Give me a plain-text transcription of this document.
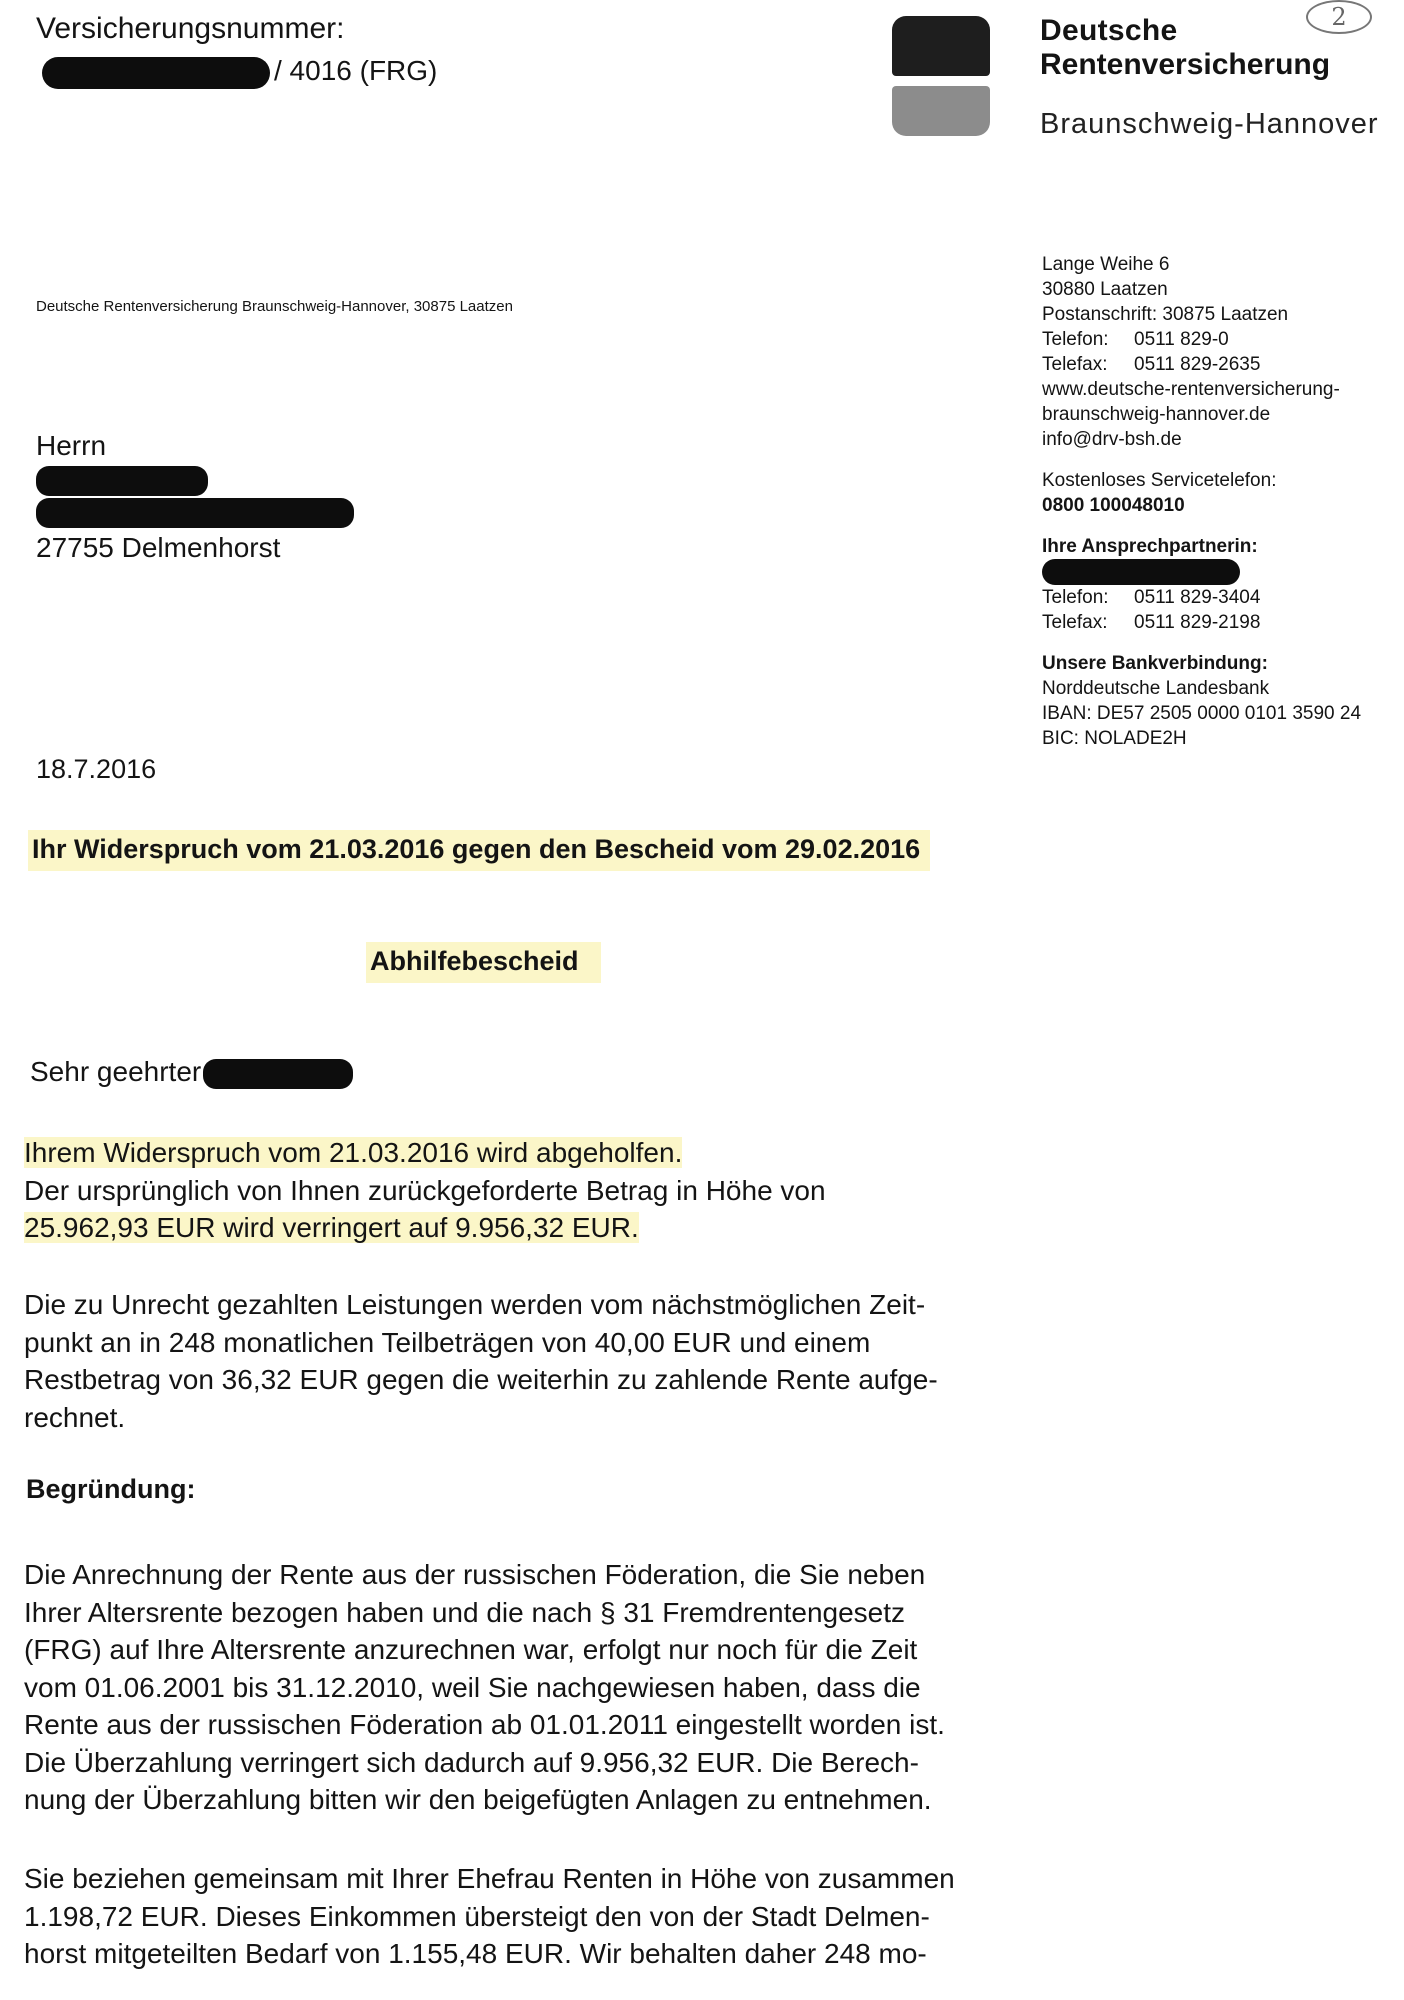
Versicherungsnummer:
/ 4016 (FRG)
Deutsche
Rentenversicherung
Braunschweig-Hannover
2
Deutsche Rentenversicherung Braunschweig-Hannover, 30875 Laatzen
Herrn
27755 Delmenhorst
Lange Weihe 6
30880 Laatzen
Postanschrift: 30875 Laatzen
Telefon: 0511 829-0
Telefax: 0511 829-2635
www.deutsche-rentenversicherung-
braunschweig-hannover.de
info@drv-bsh.de
Kostenloses Servicetelefon:
0800 100048010
Ihre Ansprechpartnerin:
Telefon: 0511 829-3404
Telefax: 0511 829-2198
Unsere Bankverbindung:
Norddeutsche Landesbank
IBAN: DE57 2505 0000 0101 3590 24
BIC: NOLADE2H
18.7.2016
Ihr Widerspruch vom 21.03.2016 gegen den Bescheid vom 29.02.2016
Abhilfebescheid
Sehr geehrter
Ihrem Widerspruch vom 21.03.2016 wird abgeholfen.
Der ursprünglich von Ihnen zurückgeforderte Betrag in Höhe von
25.962,93 EUR wird verringert auf 9.956,32 EUR.
Die zu Unrecht gezahlten Leistungen werden vom nächstmöglichen Zeit-
punkt an in 248 monatlichen Teilbeträgen von 40,00 EUR und einem
Restbetrag von 36,32 EUR gegen die weiterhin zu zahlende Rente aufge-
rechnet.
Begründung:
Die Anrechnung der Rente aus der russischen Föderation, die Sie neben
Ihrer Altersrente bezogen haben und die nach § 31 Fremdrentengesetz
(FRG) auf Ihre Altersrente anzurechnen war, erfolgt nur noch für die Zeit
vom 01.06.2001 bis 31.12.2010, weil Sie nachgewiesen haben, dass die
Rente aus der russischen Föderation ab 01.01.2011 eingestellt worden ist.
Die Überzahlung verringert sich dadurch auf 9.956,32 EUR. Die Berech-
nung der Überzahlung bitten wir den beigefügten Anlagen zu entnehmen.
Sie beziehen gemeinsam mit Ihrer Ehefrau Renten in Höhe von zusammen
1.198,72 EUR. Dieses Einkommen übersteigt den von der Stadt Delmen-
horst mitgeteilten Bedarf von 1.155,48 EUR. Wir behalten daher 248 mo-
